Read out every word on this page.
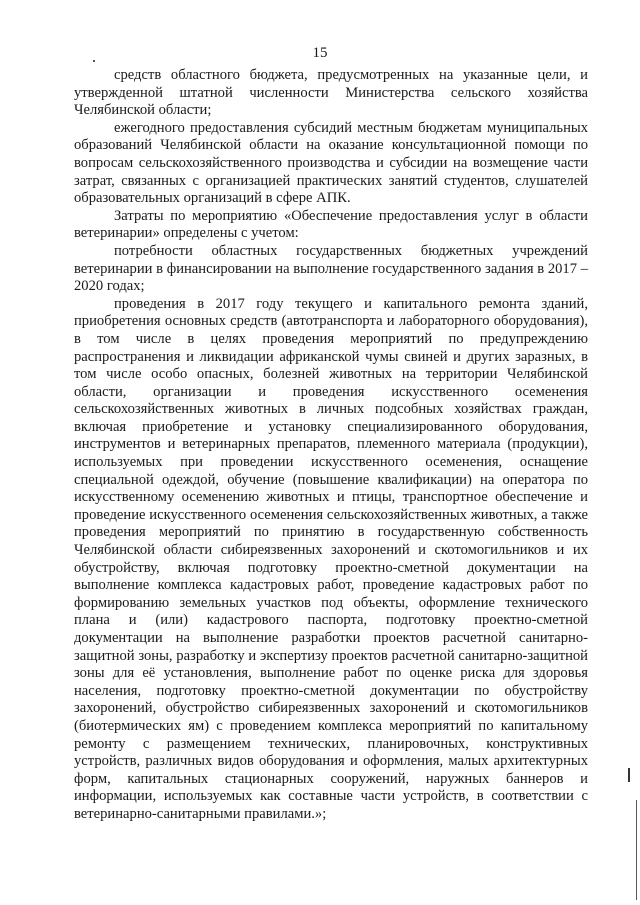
15

средств областного бюджета, предусмотренных на указанные цели, и утвержденной штатной численности Министерства сельского хозяйства Челябинской области;

ежегодного предоставления субсидий местным бюджетам муниципальных образований Челябинской области на оказание консультационной помощи по вопросам сельскохозяйственного производства и субсидии на возмещение части затрат, связанных с организацией практических занятий студентов, слушателей образовательных организаций в сфере АПК.

Затраты по мероприятию «Обеспечение предоставления услуг в области ветеринарии» определены с учетом:

потребности областных государственных бюджетных учреждений ветеринарии в финансировании на выполнение государственного задания в 2017 – 2020 годах;

проведения в 2017 году текущего и капитального ремонта зданий, приобретения основных средств (автотранспорта и лабораторного оборудования), в том числе в целях проведения мероприятий по предупреждению распространения и ликвидации африканской чумы свиней и других заразных, в том числе особо опасных, болезней животных на территории Челябинской области, организации и проведения искусственного осеменения сельскохозяйственных животных в личных подсобных хозяйствах граждан, включая приобретение и установку специализированного оборудования, инструментов и ветеринарных препаратов, племенного материала (продукции), используемых при проведении искусственного осеменения, оснащение специальной одеждой, обучение (повышение квалификации) на оператора по искусственному осеменению животных и птицы, транспортное обеспечение и проведение искусственного осеменения сельскохозяйственных животных, а также проведения мероприятий по принятию в государственную собственность Челябинской области сибиреязвенных захоронений и скотомогильников и их обустройству, включая подготовку проектно-сметной документации на выполнение комплекса кадастровых работ, проведение кадастровых работ по формированию земельных участков под объекты, оформление технического плана и (или) кадастрового паспорта, подготовку проектно-сметной документации на выполнение разработки проектов расчетной санитарно-защитной зоны, разработку и экспертизу проектов расчетной санитарно-защитной зоны для её установления, выполнение работ по оценке риска для здоровья населения, подготовку проектно-сметной документации по обустройству захоронений, обустройство сибиреязвенных захоронений и скотомогильников (биотермических ям) с проведением комплекса мероприятий по капитальному ремонту с размещением технических, планировочных, конструктивных устройств, различных видов оборудования и оформления, малых архитектурных форм, капитальных стационарных сооружений, наружных баннеров и информации, используемых как составные части устройств, в соответствии с ветеринарно-санитарными правилами.»;
